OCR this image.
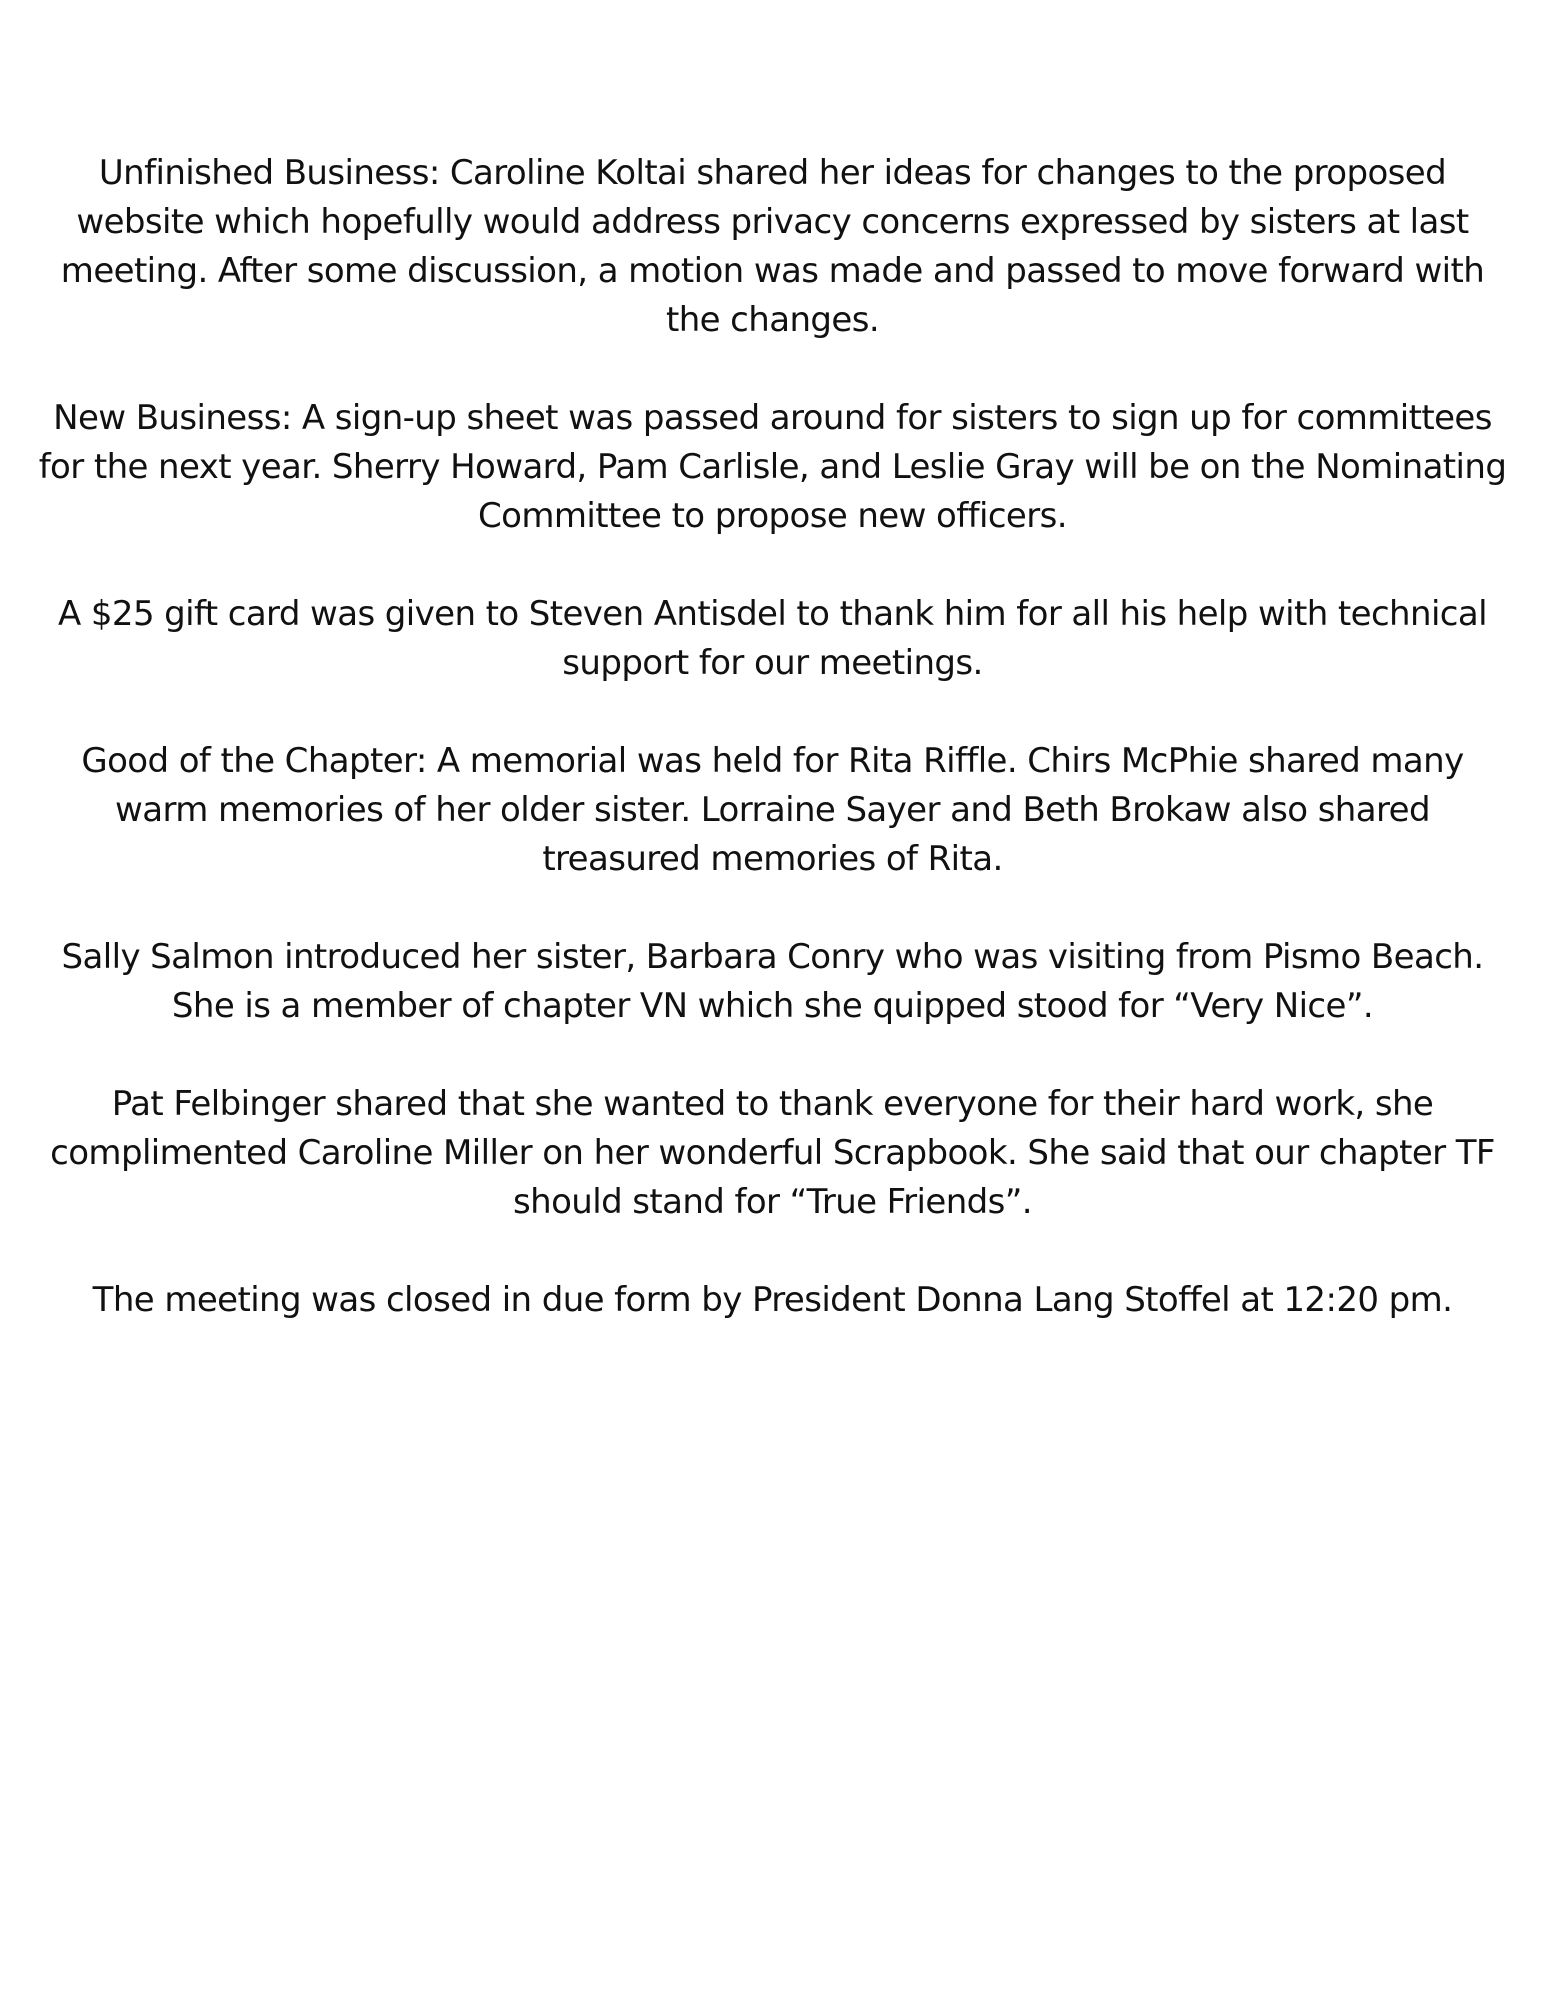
Unfinished Business: Caroline Koltai shared her ideas for changes to the proposed website which hopefully would address privacy concerns expressed by sisters at last meeting. After some discussion, a motion was made and passed to move forward with the changes.

New Business: A sign-up sheet was passed around for sisters to sign up for committees for the next year. Sherry Howard, Pam Carlisle, and Leslie Gray will be on the Nominating Committee to propose new officers.

A $25 gift card was given to Steven Antisdel to thank him for all his help with technical support for our meetings.

Good of the Chapter: A memorial was held for Rita Riffle. Chirs McPhie shared many warm memories of her older sister. Lorraine Sayer and Beth Brokaw also shared treasured memories of Rita.

Sally Salmon introduced her sister, Barbara Conry who was visiting from Pismo Beach. She is a member of chapter VN which she quipped stood for “Very Nice”.

Pat Felbinger shared that she wanted to thank everyone for their hard work, she complimented Caroline Miller on her wonderful Scrapbook. She said that our chapter TF should stand for “True Friends”.

The meeting was closed in due form by President Donna Lang Stoffel at 12:20 pm.
